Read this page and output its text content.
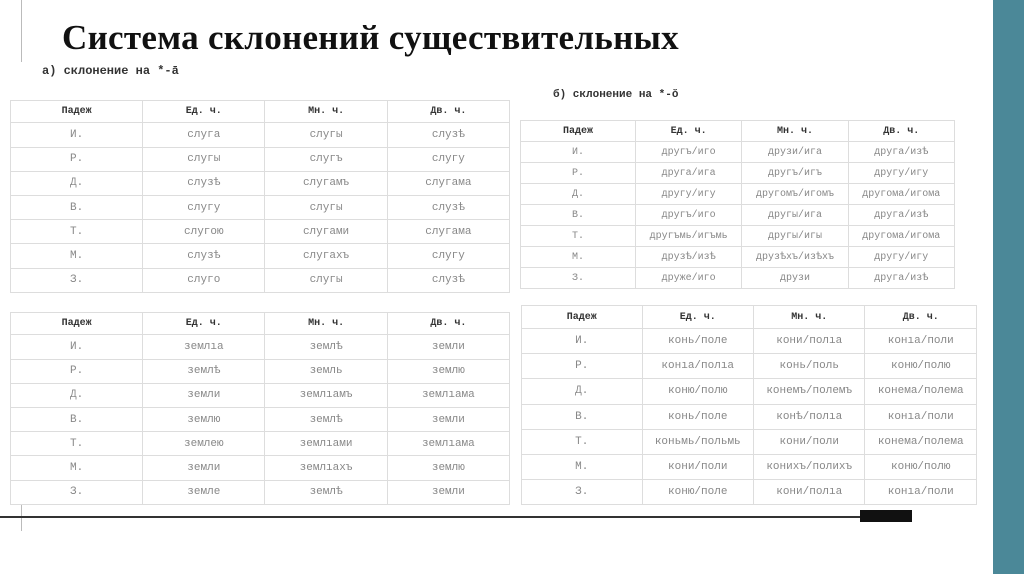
Система склонений существительных
а) склонение на *-ā
б) склонение на *-ŏ
Падеж	Ед. ч.	Мн. ч.	Дв. ч.
И.	слуга	слугы	слузѣ
Р.	слугы	слугъ	слугу
Д.	слузѣ	слугамъ	слугама
В.	слугу	слугы	слузѣ
Т.	слугою	слугами	слугама
М.	слузѣ	слугахъ	слугу
З.	слуго	слугы	слузѣ
Падеж	Ед. ч.	Мн. ч.	Дв. ч.
И.	другъ/иго	друзи/ига	друга/изѣ
Р.	друга/ига	другъ/игъ	другу/игу
Д.	другу/игу	другомъ/игомъ	другома/игома
В.	другъ/иго	другы/ига	друга/изѣ
Т.	другъмь/игъмь	другы/игы	другома/игома
М.	друзѣ/изѣ	друзѣхъ/изѣхъ	другу/игу
З.	друже/иго	друзи	друга/изѣ
Падеж	Ед. ч.	Мн. ч.	Дв. ч.
И.	землıа	землѣ	земли
Р.	землѣ	земль	землю
Д.	земли	землıамъ	землıама
В.	землю	землѣ	земли
Т.	землею	землıами	землıама
М.	земли	землıахъ	землю
З.	земле	землѣ	земли
Падеж	Ед. ч.	Мн. ч.	Дв. ч.
И.	конь/поле	кони/полıа	конıа/поли
Р.	конıа/полıа	конь/поль	коню/полю
Д.	коню/полю	конемъ/полемъ	конема/полема
В.	конь/поле	конѣ/полıа	конıа/поли
Т.	коньмь/польмь	кони/поли	конема/полема
М.	кони/поли	конихъ/полихъ	коню/полю
З.	коню/поле	кони/полıа	конıа/поли
